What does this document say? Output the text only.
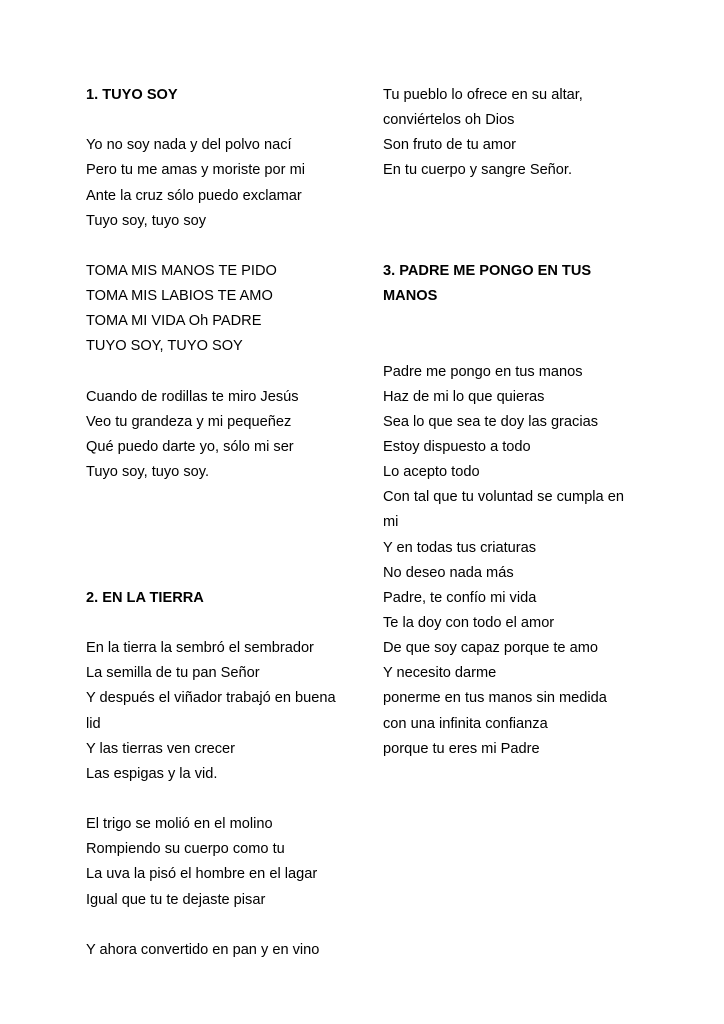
1. TUYO SOY
Yo no soy nada y del polvo nací
Pero tu me amas y moriste por mi
Ante la cruz sólo puedo exclamar
Tuyo soy, tuyo soy
TOMA MIS MANOS TE PIDO
TOMA MIS LABIOS TE AMO
TOMA MI VIDA Oh PADRE
TUYO SOY, TUYO SOY
Cuando de rodillas te miro Jesús
Veo tu grandeza y mi pequeñez
Qué puedo darte yo, sólo mi ser
Tuyo soy, tuyo soy.
2. EN LA TIERRA
En la tierra la sembró el sembrador
La semilla de tu pan Señor
Y después el viñador trabajó en buena
lid
Y las tierras ven crecer
Las espigas y la vid.
El trigo se molió en el molino
Rompiendo su cuerpo como tu
La uva la pisó el hombre en el lagar
Igual que tu te dejaste pisar
Y ahora convertido en pan y en vino
Tu pueblo lo ofrece en su altar,
conviértelos oh Dios
Son fruto de tu amor
En tu cuerpo y sangre Señor.
3. PADRE ME PONGO EN TUS
MANOS
Padre me pongo en tus manos
Haz de mi lo que quieras
Sea lo que sea te doy las gracias
Estoy dispuesto a todo
Lo acepto todo
Con tal que tu voluntad se cumpla en
mi
Y en todas tus criaturas
No deseo nada más
Padre, te confío mi vida
Te la doy con todo el amor
De que soy capaz porque te amo
Y necesito darme
ponerme en tus manos sin medida
con una infinita confianza
porque tu eres mi Padre
